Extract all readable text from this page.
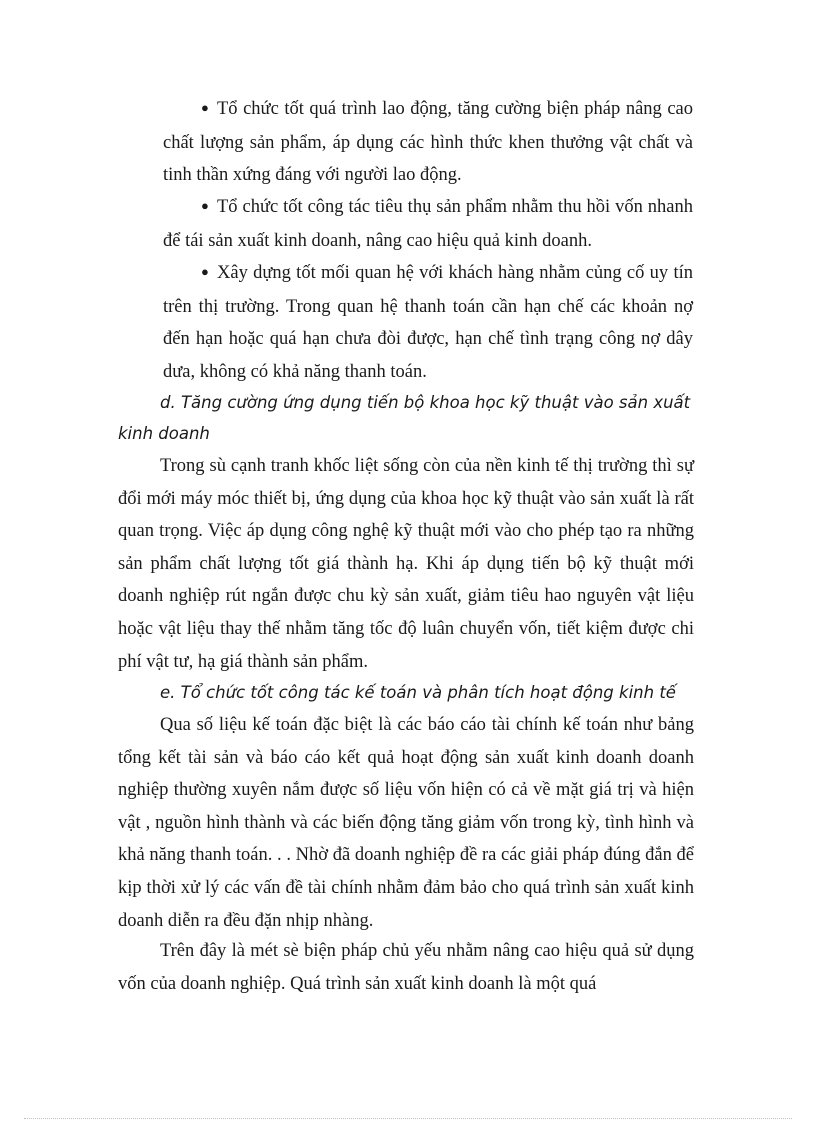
● Tổ chức tốt quá trình lao động, tăng cường biện pháp nâng cao chất lượng sản phẩm, áp dụng các hình thức khen thưởng vật chất và tinh thần xứng đáng với người lao động.

● Tổ chức tốt công tác tiêu thụ sản phẩm nhằm thu hồi vốn nhanh để tái sản xuất kinh doanh, nâng cao hiệu quả kinh doanh.

● Xây dựng tốt mối quan hệ với khách hàng nhằm củng cố uy tín trên thị trường. Trong quan hệ thanh toán cần hạn chế các khoản nợ đến hạn hoặc quá hạn chưa đòi được, hạn chế tình trạng công nợ dây dưa, không có khả năng thanh toán.

d. Tăng cường ứng dụng tiến bộ khoa học kỹ thuật vào sản xuất kinh doanh

Trong sù cạnh tranh khốc liệt sống còn của nền kinh tế thị trường thì sự đổi mới máy móc thiết bị, ứng dụng của khoa học kỹ thuật vào sản xuất là rất quan trọng. Việc áp dụng công nghệ kỹ thuật mới vào cho phép tạo ra những sản phẩm chất lượng tốt giá thành hạ. Khi áp dụng tiến bộ kỹ thuật mới doanh nghiệp rút ngắn được chu kỳ sản xuất, giảm tiêu hao nguyên vật liệu hoặc vật liệu thay thế nhằm tăng tốc độ luân chuyển vốn, tiết kiệm được chi phí vật tư, hạ giá thành sản phẩm.

e. Tổ chức tốt công tác kế toán và phân tích hoạt động kinh tế

Qua số liệu kế toán đặc biệt là các báo cáo tài chính kế toán như bảng tổng kết tài sản và báo cáo kết quả hoạt động sản xuất kinh doanh doanh nghiệp thường xuyên nắm được số liệu vốn hiện có cả về mặt giá trị và hiện vật , nguồn hình thành và các biến động tăng giảm vốn trong kỳ, tình hình và khả năng thanh toán. . . Nhờ đã doanh nghiệp đề ra các giải pháp đúng đắn để kịp thời xử lý các vấn đề tài chính nhằm đảm bảo cho quá trình sản xuất kinh doanh diễn ra đều đặn nhịp nhàng.

Trên đây là mét sè biện pháp chủ yếu nhằm nâng cao hiệu quả sử dụng vốn của doanh nghiệp. Quá trình sản xuất kinh doanh là một quá
